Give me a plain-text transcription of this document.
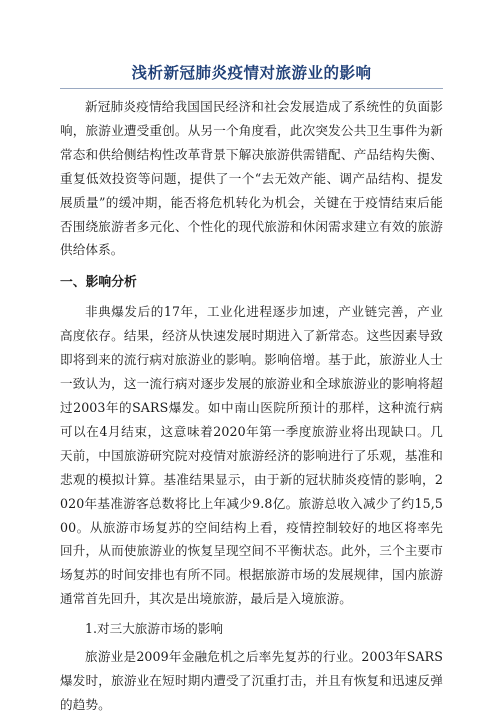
浅析新冠肺炎疫情对旅游业的影响

新冠肺炎疫情给我国国民经济和社会发展造成了系统性的负面影响，旅游业遭受重创。从另一个角度看，此次突发公共卫生事件为新常态和供给侧结构性改革背景下解决旅游供需错配、产品结构失衡、重复低效投资等问题，提供了一个“去无效产能、调产品结构、提发展质量”的缓冲期，能否将危机转化为机会，关键在于疫情结束后能否围绕旅游者多元化、个性化的现代旅游和休闲需求建立有效的旅游供给体系。

一、影响分析

非典爆发后的17年，工业化进程逐步加速，产业链完善，产业高度依存。结果，经济从快速发展时期进入了新常态。这些因素导致即将到来的流行病对旅游业的影响。影响倍增。基于此，旅游业人士一致认为，这一流行病对逐步发展的旅游业和全球旅游业的影响将超过2003年的SARS爆发。如中南山医院所预计的那样，这种流行病可以在4月结束，这意味着2020年第一季度旅游业将出现缺口。几天前，中国旅游研究院对疫情对旅游经济的影响进行了乐观，基准和悲观的模拟计算。基准结果显示，由于新的冠状肺炎疫情的影响，2020年基准游客总数将比上年减少9.8亿。旅游总收入减少了约15,500。从旅游市场复苏的空间结构上看，疫情控制较好的地区将率先回升，从而使旅游业的恢复呈现空间不平衡状态。此外，三个主要市场复苏的时间安排也有所不同。根据旅游市场的发展规律，国内旅游通常首先回升，其次是出境旅游，最后是入境旅游。

1.对三大旅游市场的影响

旅游业是2009年金融危机之后率先复苏的行业。2003年SARS爆发时，旅游业在短时期内遭受了沉重打击，并且有恢复和迅速反弹的趋势。
